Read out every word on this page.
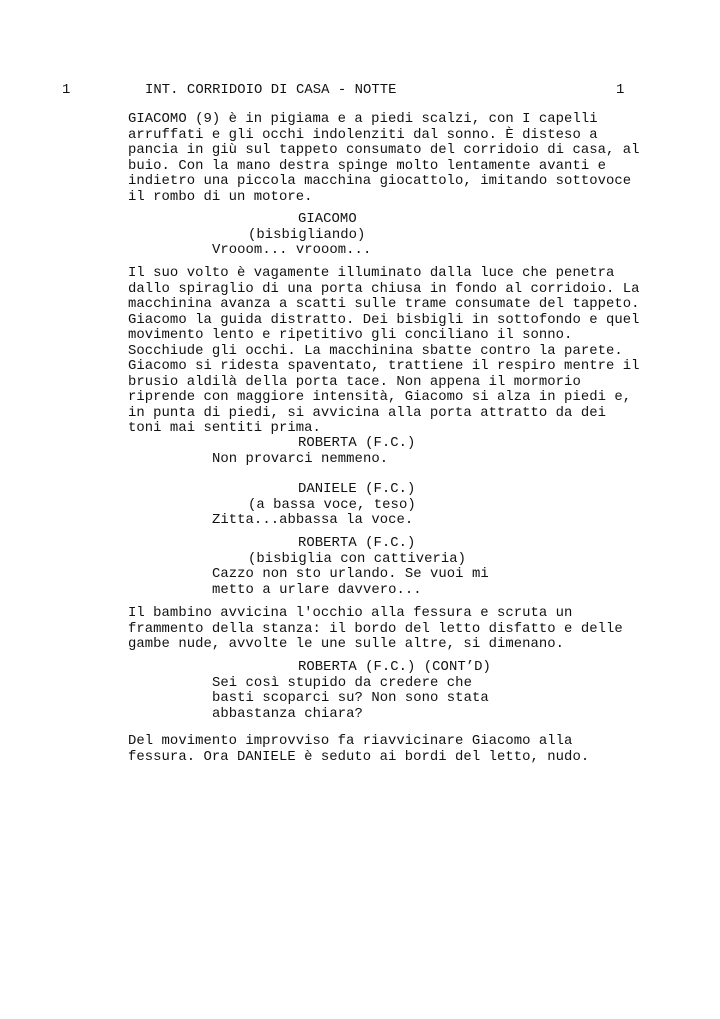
1	INT. CORRIDOIO DI CASA - NOTTE	1
GIACOMO (9) è in pigiama e a piedi scalzi, con I capelli
arruffati e gli occhi indolenziti dal sonno. È disteso a
pancia in giù sul tappeto consumato del corridoio di casa, al
buio. Con la mano destra spinge molto lentamente avanti e
indietro una piccola macchina giocattolo, imitando sottovoce
il rombo di un motore.
GIACOMO
(bisbigliando)
Vrooom... vrooom...
Il suo volto è vagamente illuminato dalla luce che penetra
dallo spiraglio di una porta chiusa in fondo al corridoio. La
macchinina avanza a scatti sulle trame consumate del tappeto.
Giacomo la guida distratto. Dei bisbigli in sottofondo e quel
movimento lento e ripetitivo gli conciliano il sonno.
Socchiude gli occhi. La macchinina sbatte contro la parete.
Giacomo si ridesta spaventato, trattiene il respiro mentre il
brusio aldilà della porta tace. Non appena il mormorio
riprende con maggiore intensità, Giacomo si alza in piedi e,
in punta di piedi, si avvicina alla porta attratto da dei
toni mai sentiti prima.
ROBERTA (F.C.)
Non provarci nemmeno.
DANIELE (F.C.)
(a bassa voce, teso)
Zitta...abbassa la voce.
ROBERTA (F.C.)
(bisbiglia con cattiveria)
Cazzo non sto urlando. Se vuoi mi
metto a urlare davvero...
Il bambino avvicina l'occhio alla fessura e scruta un
frammento della stanza: il bordo del letto disfatto e delle
gambe nude, avvolte le une sulle altre, si dimenano.
ROBERTA (F.C.) (CONT’D)
Sei così stupido da credere che
basti scoparci su? Non sono stata
abbastanza chiara?
Del movimento improvviso fa riavvicinare Giacomo alla
fessura. Ora DANIELE è seduto ai bordi del letto, nudo.
